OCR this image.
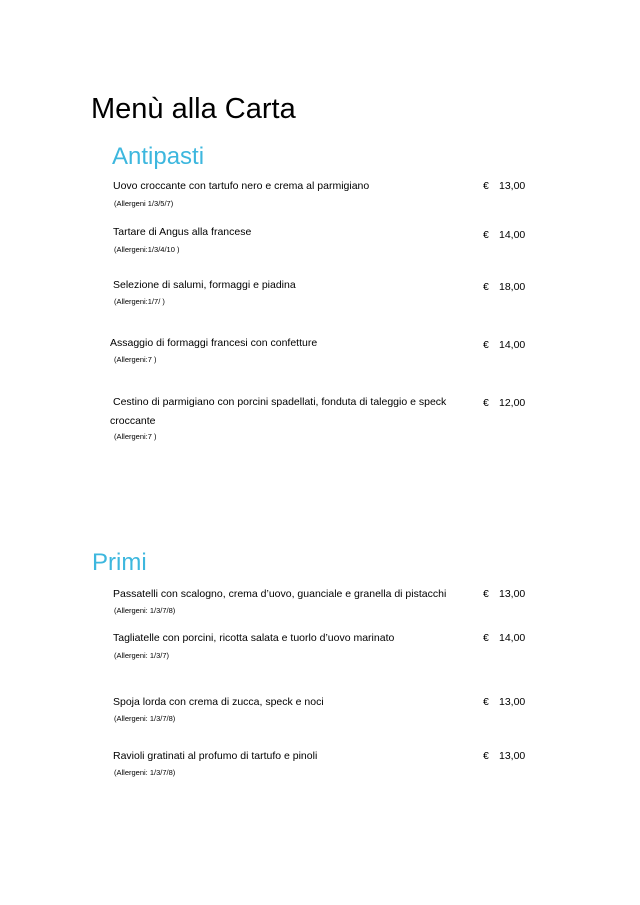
Menù alla Carta
Antipasti
Uovo croccante con tartufo nero e crema al parmigiano
(Allergeni 1/3/5/7)
€ 13,00
Tartare di Angus alla francese
(Allergeni:1/3/4/10 )
€ 14,00
Selezione di salumi, formaggi e piadina
(Allergeni:1/7/ )
€ 18,00
Assaggio di formaggi francesi con confetture
(Allergeni:7 )
€ 14,00
Cestino di parmigiano con porcini spadellati, fonduta di taleggio e speck croccante
(Allergeni:7 )
€ 12,00
Primi
Passatelli con scalogno, crema d’uovo, guanciale e granella di pistacchi
(Allergeni: 1/3/7/8)
€ 13,00
Tagliatelle con porcini, ricotta salata e tuorlo d’uovo marinato
(Allergeni: 1/3/7)
€ 14,00
Spoja lorda con crema di zucca, speck e noci
(Allergeni: 1/3/7/8)
€ 13,00
Ravioli gratinati al profumo di tartufo e pinoli
(Allergeni: 1/3/7/8)
€ 13,00
